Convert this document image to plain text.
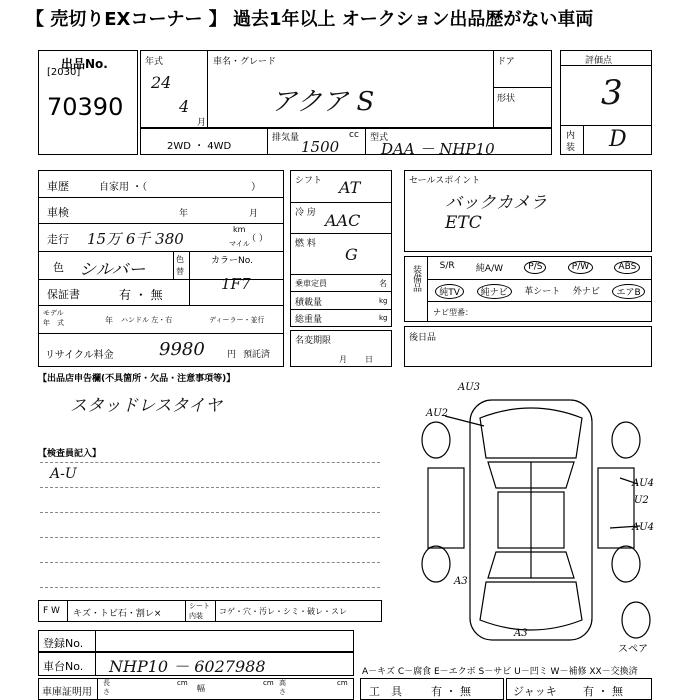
【 売切りEXコーナー 】 過去1年以上 オークション出品歴がない車両
出品No.
[2030]
70390
年式
24
4
月
車名・グレード
アクア S
ドア
形状
評価点
3
内
装 D
2WD ・ 4WD
排気量	cc
1500	型式
DAA － NHP10
車歴	自家用 ・（	）
車検	年	月
走行 15万 6千 380
km
マイル
（ ）
色 シルバー
色
替
カラーNo.
1F7
保証書	有 ・ 無
モデル
年　式	年 ハンドル 左・右	ディーラー・並行
リサイクル料金	9980 円 預託済
シフト AT
冷 房 AAC
燃 料
G
乗車定員	名
積載量	kg
総重量	kg
名変期限
月日
セールスポイント
バックカメラ
ETC
装備品 S/R 純A/W	P/S	P/W	ABS
純TV	純ナビ	革シート 外ナビ	エアB
ナビ型番：
後日品
【出品店申告欄(不具箇所・欠品・注意事項等)】
スタッドレスタイヤ
【検査員記入】
A-U
AU3
AU2
AU4
U2
AU4
A3
A3
スペア
F W キズ・トビ石・割レ×
シート
内装 コゲ・穴・汚レ・シミ・破レ・スレ
登録No.
車台No. NHP10 － 6027988
車庫証明用
長さ
cm
幅
cm 高さ
cm
A－キズ C－腐食 E－エクボ S－サビ U－凹ミ W－補修 XX－交換済
工　具	有 ・ 無	ジャッキ 有 ・ 無
